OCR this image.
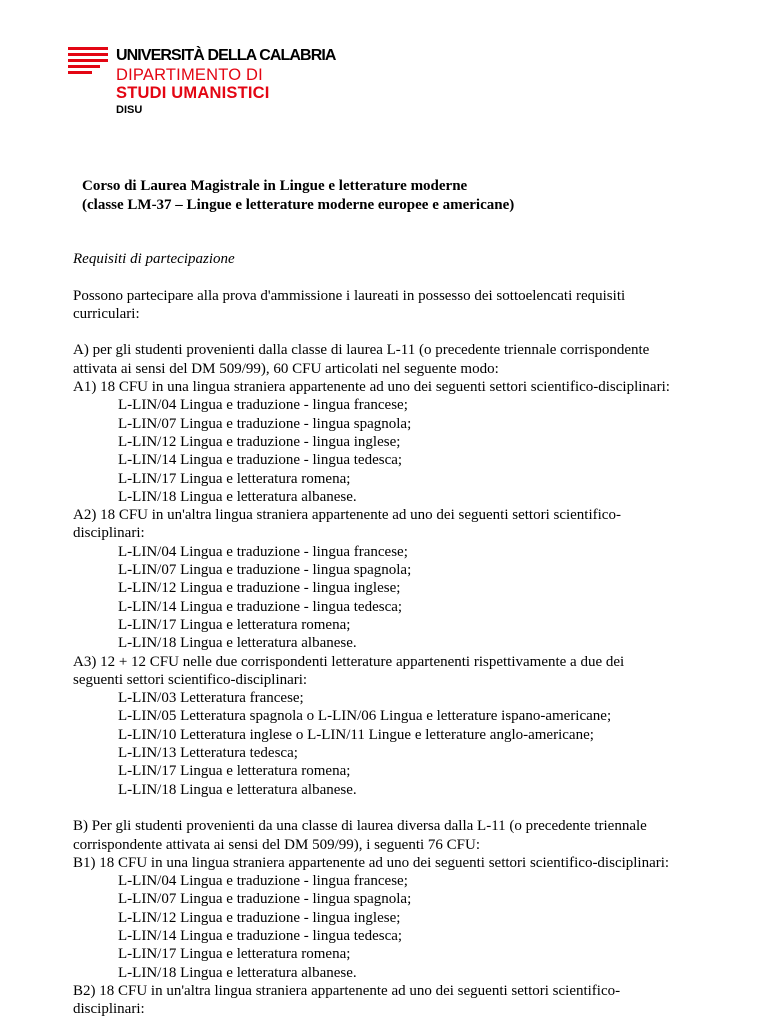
UNIVERSITÀ DELLA CALABRIA
DIPARTIMENTO DI
STUDI UMANISTICI
DISU
Corso di Laurea Magistrale in Lingue e letterature moderne
(classe LM-37 – Lingue e letterature moderne europee e americane)

Requisiti di partecipazione

Possono partecipare alla prova d'ammissione i laureati in possesso dei sottoelencati requisiti

curriculari:

A) per gli studenti provenienti dalla classe di laurea L-11 (o precedente triennale corrispondente

attivata ai sensi del DM 509/99), 60 CFU articolati nel seguente modo:

A1) 18 CFU in una lingua straniera appartenente ad uno dei seguenti settori scientifico-disciplinari:

L-LIN/04 Lingua e traduzione - lingua francese;

L-LIN/07 Lingua e traduzione - lingua spagnola;

L-LIN/12 Lingua e traduzione - lingua inglese;

L-LIN/14 Lingua e traduzione - lingua tedesca;

L-LIN/17 Lingua e letteratura romena;

L-LIN/18 Lingua e letteratura albanese.

A2) 18 CFU in un'altra lingua straniera appartenente ad uno dei seguenti settori scientifico-

disciplinari:

L-LIN/04 Lingua e traduzione - lingua francese;

L-LIN/07 Lingua e traduzione - lingua spagnola;

L-LIN/12 Lingua e traduzione - lingua inglese;

L-LIN/14 Lingua e traduzione - lingua tedesca;

L-LIN/17 Lingua e letteratura romena;

L-LIN/18 Lingua e letteratura albanese.

A3) 12 + 12 CFU nelle due corrispondenti letterature appartenenti rispettivamente a due dei

seguenti settori scientifico-disciplinari:

L-LIN/03 Letteratura francese;

L-LIN/05 Letteratura spagnola o L-LIN/06 Lingua e letterature ispano-americane;

L-LIN/10 Letteratura inglese o L-LIN/11 Lingue e letterature anglo-americane;

L-LIN/13 Letteratura tedesca;

L-LIN/17 Lingua e letteratura romena;

L-LIN/18 Lingua e letteratura albanese.

B) Per gli studenti provenienti da una classe di laurea diversa dalla L-11 (o precedente triennale

corrispondente attivata ai sensi del DM 509/99), i seguenti 76 CFU:

B1) 18 CFU in una lingua straniera appartenente ad uno dei seguenti settori scientifico-disciplinari:

L-LIN/04 Lingua e traduzione - lingua francese;

L-LIN/07 Lingua e traduzione - lingua spagnola;

L-LIN/12 Lingua e traduzione - lingua inglese;

L-LIN/14 Lingua e traduzione - lingua tedesca;

L-LIN/17 Lingua e letteratura romena;

L-LIN/18 Lingua e letteratura albanese.

B2) 18 CFU in un'altra lingua straniera appartenente ad uno dei seguenti settori scientifico-

disciplinari:
